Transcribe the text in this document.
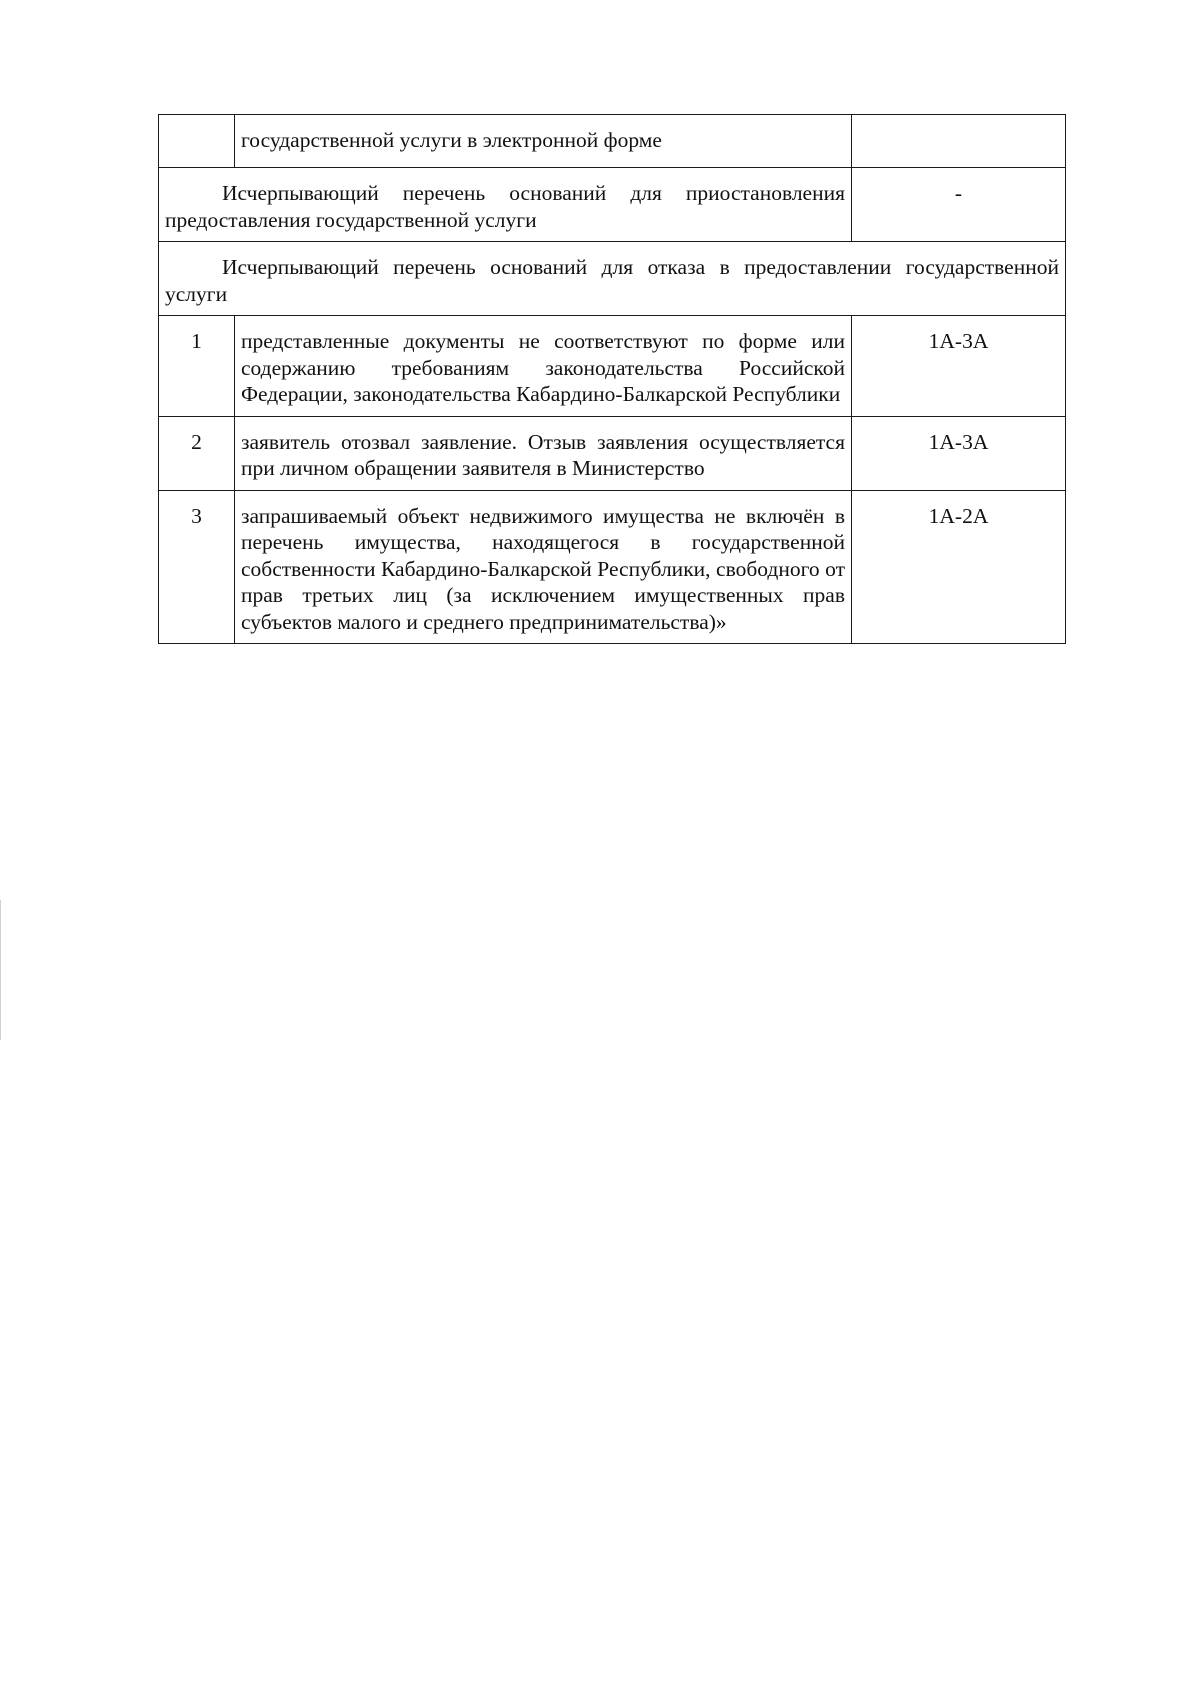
	государственной услуги в электронной форме	
Исчерпывающий перечень оснований для приостановления предоставления государственной услуги		-
Исчерпывающий перечень оснований для отказа в предоставлении государственной услуги		
1	представленные документы не соответствуют по форме или содержанию требованиям законодательства Российской Федерации, законодательства Кабардино-Балкарской Республики	1А-3А
2	заявитель отозвал заявление. Отзыв заявления осуществляется при личном обращении заявителя в Министерство	1А-3А
3	запрашиваемый объект недвижимого имущества не включён в перечень имущества, находящегося в государственной собственности Кабардино-Балкарской Республики, свободного от прав третьих лиц (за исключением имущественных прав субъектов малого и среднего предпринимательства)»	1А-2А
